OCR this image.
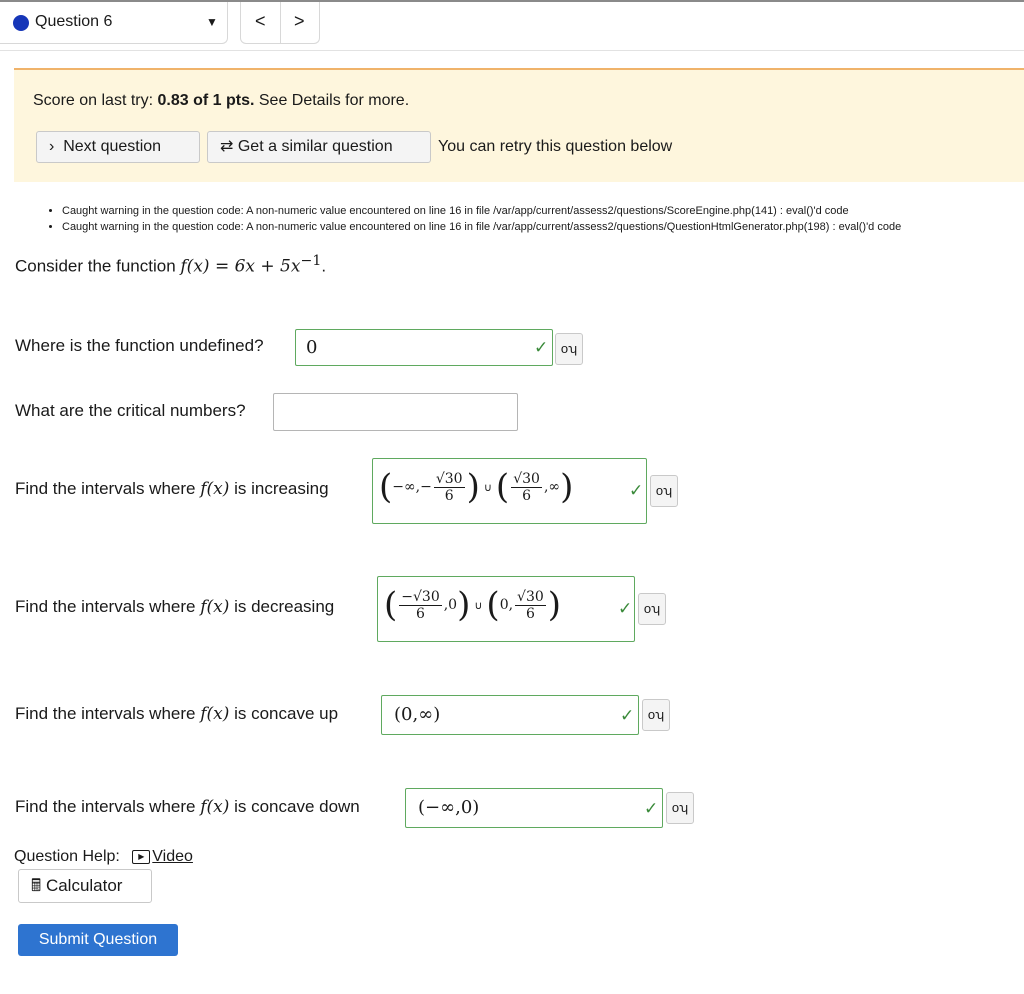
Question 6	▼ < >
Score on last try: 0.83 of 1 pts. See Details for more.
› Next question	⇄ Get a similar question	You can retry this question below
• Caught warning in the question code: A non-numeric value encountered on line 16 in file /var/app/current/assess2/questions/ScoreEngine.php(141) : eval()'d code
• Caught warning in the question code: A non-numeric value encountered on line 16 in file /var/app/current/assess2/questions/QuestionHtmlGenerator.php(198) : eval()'d code
Consider the function $f(x) = 6x + 5x^{-1}$.
Where is the function undefined? 0	✓ oʮ
What are the critical numbers?
Find the intervals where f(x) is increasing (−∞,− $\frac{√30}{6}$ ) ∪ ( $\frac{√30}{6}$ ,∞)	✓ oʮ
Find the intervals where f(x) is decreasing ( $\frac{-√30}{6} ,0$) ∪ (0, $\frac{√30}{6}$ )	✓ oʮ
Find the intervals where f(x) is concave up	(0,∞)	✓	oʮ
Find the intervals where f(x) is concave down	(−∞,0)	✓	oʮ
Question Help: ▶ Video
🖩 Calculator
Submit Question
